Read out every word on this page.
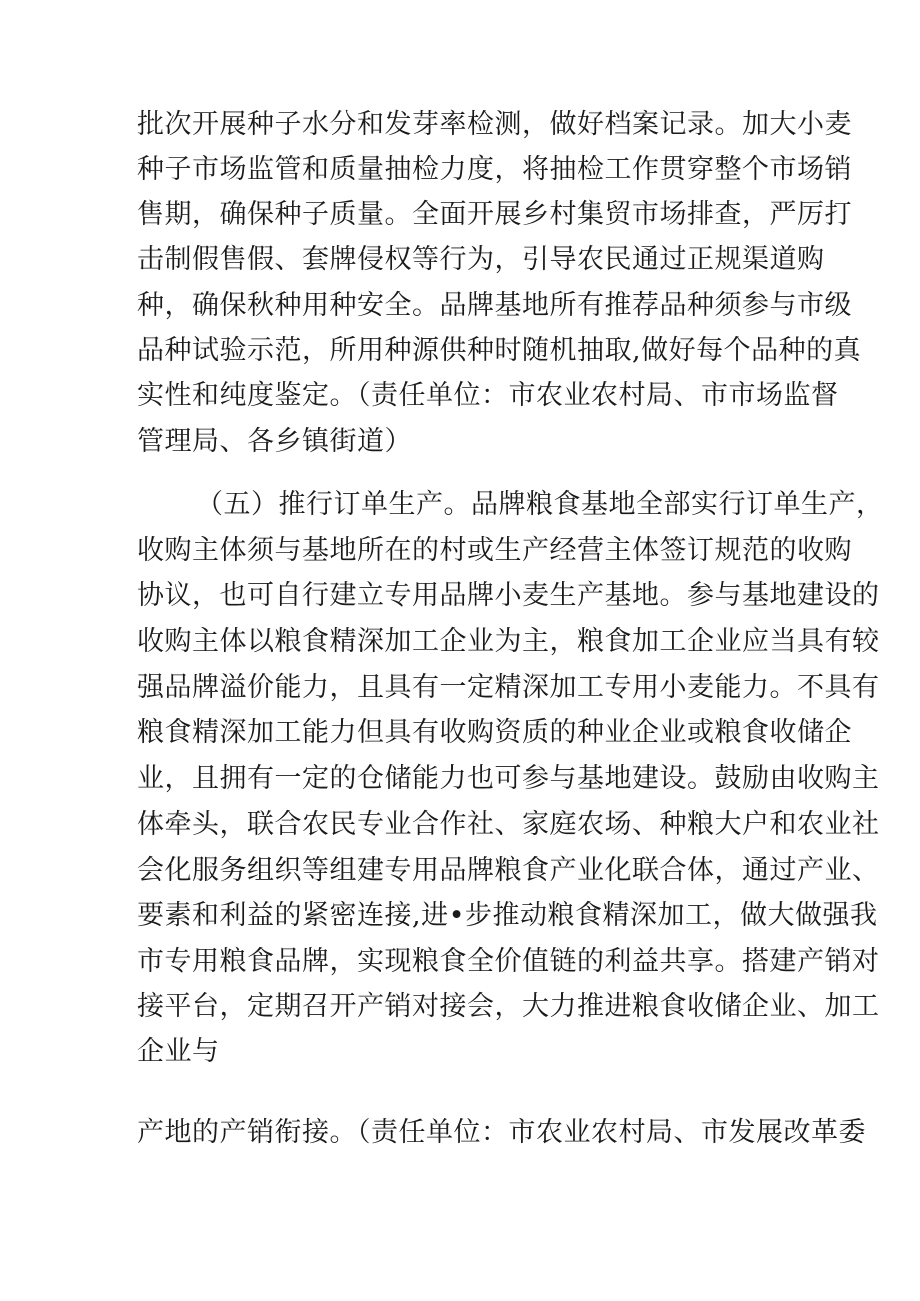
批次开展种子水分和发芽率检测，做好档案记录。加大小麦
种子市场监管和质量抽检力度，将抽检工作贯穿整个市场销
售期，确保种子质量。全面开展乡村集贸市场排查，严厉打
击制假售假、套牌侵权等行为，引导农民通过正规渠道购
种，确保秋种用种安全。品牌基地所有推荐品种须参与市级
品种试验示范，所用种源供种时随机抽取,做好每个品种的真
实性和纯度鉴定。（责任单位：市农业农村局、市市场监督
管理局、各乡镇街道）
（五）推行订单生产。品牌粮食基地全部实行订单生产，
收购主体须与基地所在的村或生产经营主体签订规范的收购
协议，也可自行建立专用品牌小麦生产基地。参与基地建设的
收购主体以粮食精深加工企业为主，粮食加工企业应当具有较
强品牌溢价能力，且具有一定精深加工专用小麦能力。不具有
粮食精深加工能力但具有收购资质的种业企业或粮食收储企
业，且拥有一定的仓储能力也可参与基地建设。鼓励由收购主
体牵头，联合农民专业合作社、家庭农场、种粮大户和农业社
会化服务组织等组建专用品牌粮食产业化联合体，通过产业、
要素和利益的紧密连接,进•步推动粮食精深加工，做大做强我
市专用粮食品牌，实现粮食全价值链的利益共享。搭建产销对
接平台，定期召开产销对接会，大力推进粮食收储企业、加工
企业与
产地的产销衔接。（责任单位：市农业农村局、市发展改革委
